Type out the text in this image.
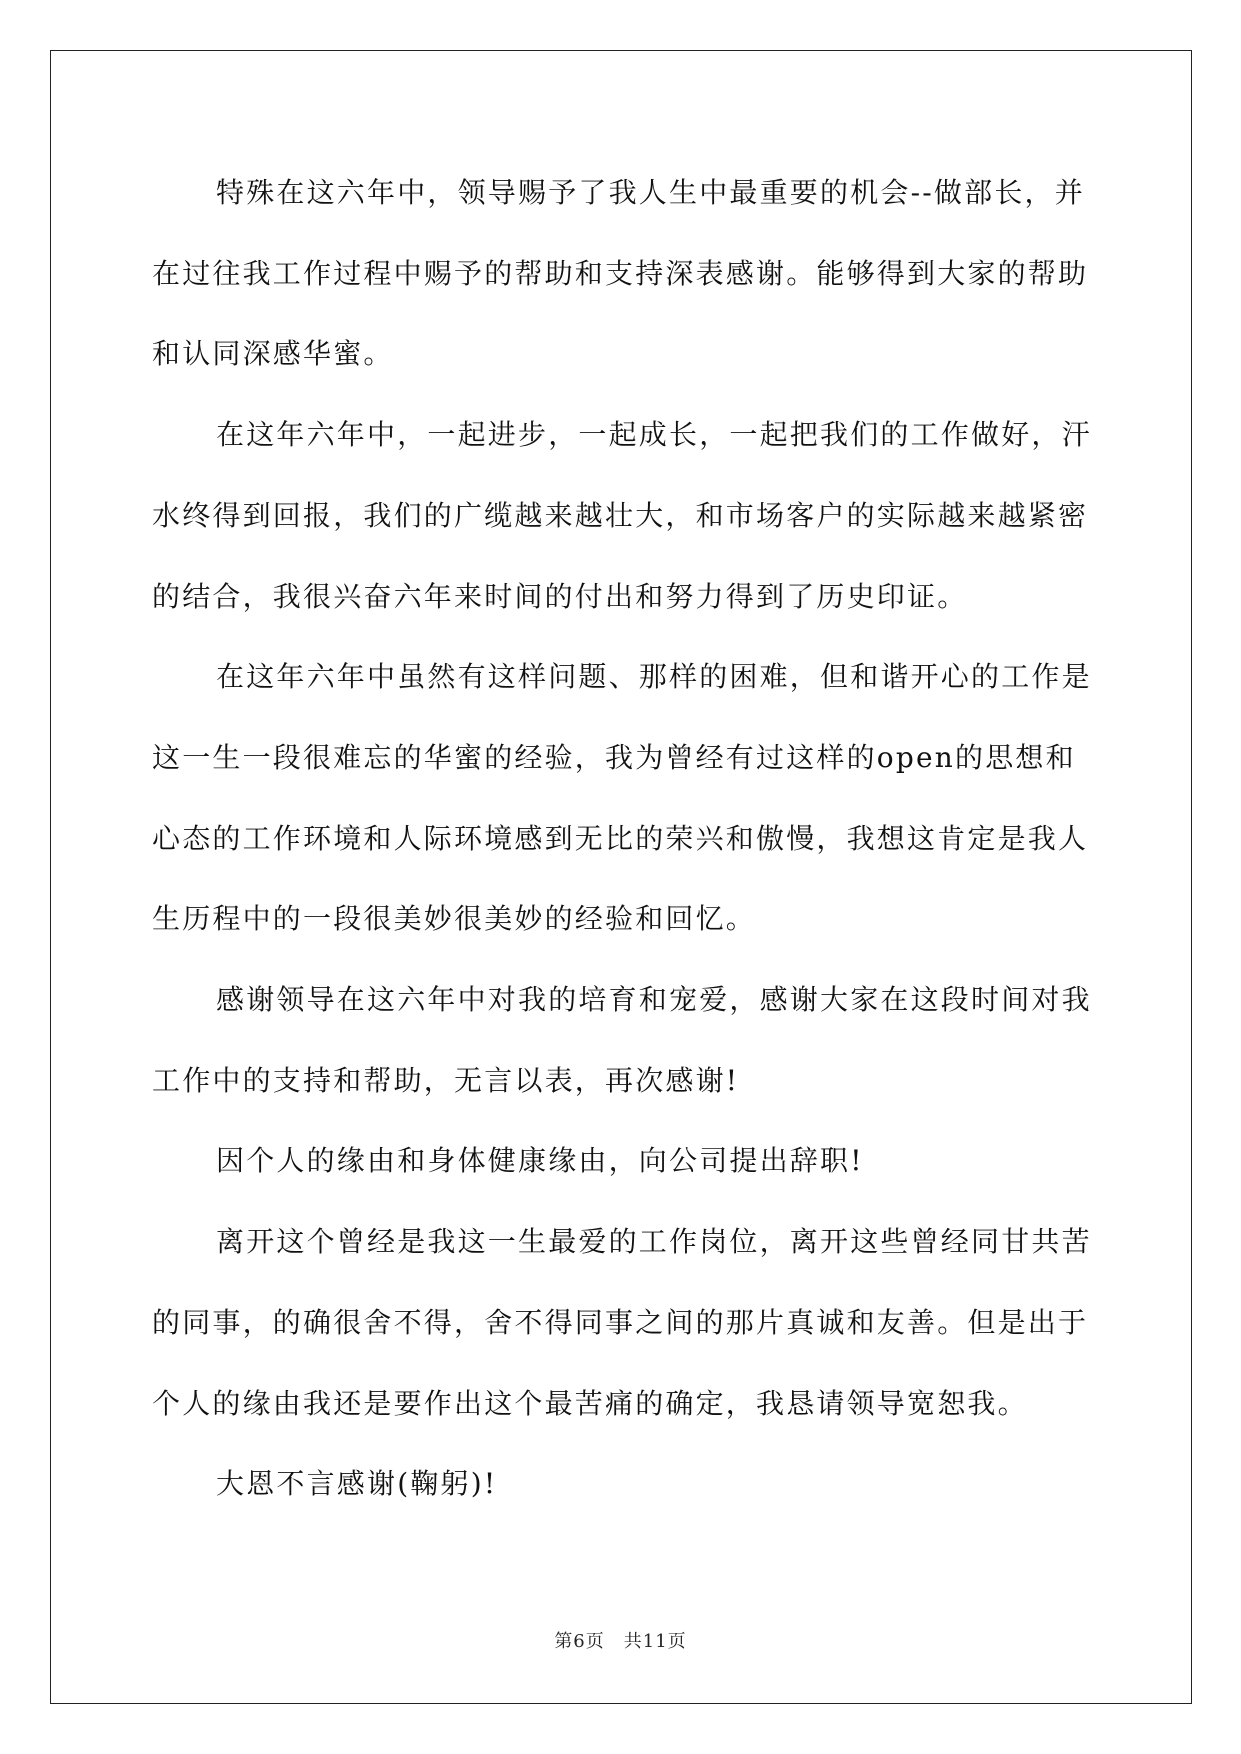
特殊在这六年中，领导赐予了我人生中最重要的机会--做部长，并在过往我工作过程中赐予的帮助和支持深表感谢。能够得到大家的帮助和认同深感华蜜。

在这年六年中，一起进步，一起成长，一起把我们的工作做好，汗水终得到回报，我们的广缆越来越壮大，和市场客户的实际越来越紧密的结合，我很兴奋六年来时间的付出和努力得到了历史印证。

在这年六年中虽然有这样问题、那样的困难，但和谐开心的工作是这一生一段很难忘的华蜜的经验，我为曾经有过这样的open的思想和心态的工作环境和人际环境感到无比的荣兴和傲慢，我想这肯定是我人生历程中的一段很美妙很美妙的经验和回忆。

感谢领导在这六年中对我的培育和宠爱，感谢大家在这段时间对我工作中的支持和帮助，无言以表，再次感谢!

因个人的缘由和身体健康缘由，向公司提出辞职!

离开这个曾经是我这一生最爱的工作岗位，离开这些曾经同甘共苦的同事，的确很舍不得，舍不得同事之间的那片真诚和友善。但是出于个人的缘由我还是要作出这个最苦痛的确定，我恳请领导宽恕我。

大恩不言感谢(鞠躬)!

第6页　共11页
